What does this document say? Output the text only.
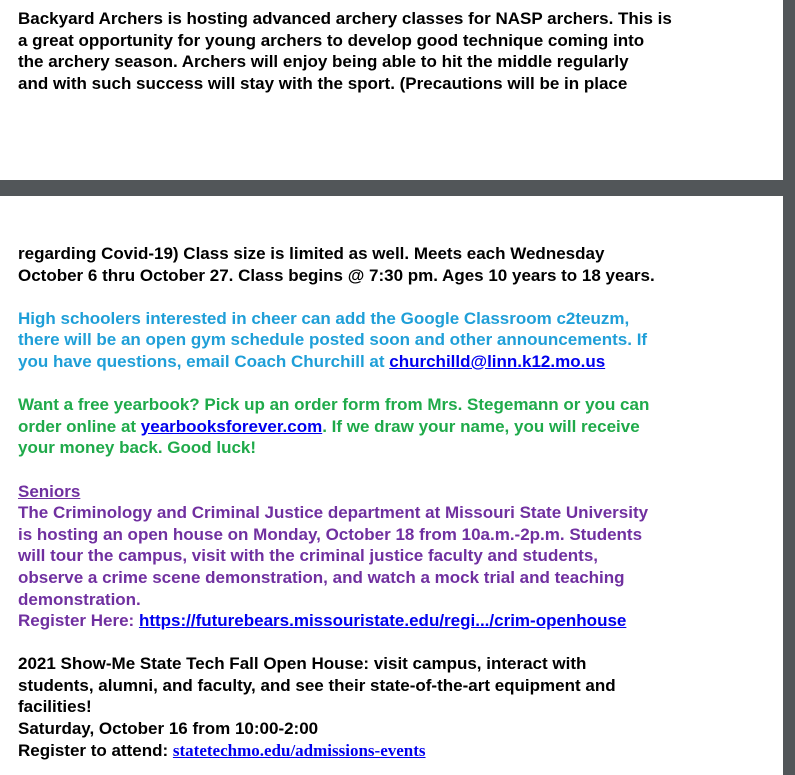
Backyard Archers is hosting advanced archery classes for NASP archers. This is
a great opportunity for young archers to develop good technique coming into
the archery season. Archers will enjoy being able to hit the middle regularly
and with such success will stay with the sport. (Precautions will be in place
regarding Covid-19) Class size is limited as well. Meets each Wednesday
October 6 thru October 27. Class begins @ 7:30 pm. Ages 10 years to 18 years.
High schoolers interested in cheer can add the Google Classroom c2teuzm,
there will be an open gym schedule posted soon and other announcements. If
you have questions, email Coach Churchill at churchilld@linn.k12.mo.us
Want a free yearbook? Pick up an order form from Mrs. Stegemann or you can
order online at yearbooksforever.com. If we draw your name, you will receive
your money back. Good luck!
Seniors
The Criminology and Criminal Justice department at Missouri State University
is hosting an open house on Monday, October 18 from 10a.m.-2p.m. Students
will tour the campus, visit with the criminal justice faculty and students,
observe a crime scene demonstration, and watch a mock trial and teaching
demonstration.
Register Here: https://futurebears.missouristate.edu/regi.../crim-openhouse
2021 Show-Me State Tech Fall Open House: visit campus, interact with
students, alumni, and faculty, and see their state-of-the-art equipment and
facilities!
Saturday, October 16 from 10:00-2:00
Register to attend: statetechmo.edu/admissions-events
